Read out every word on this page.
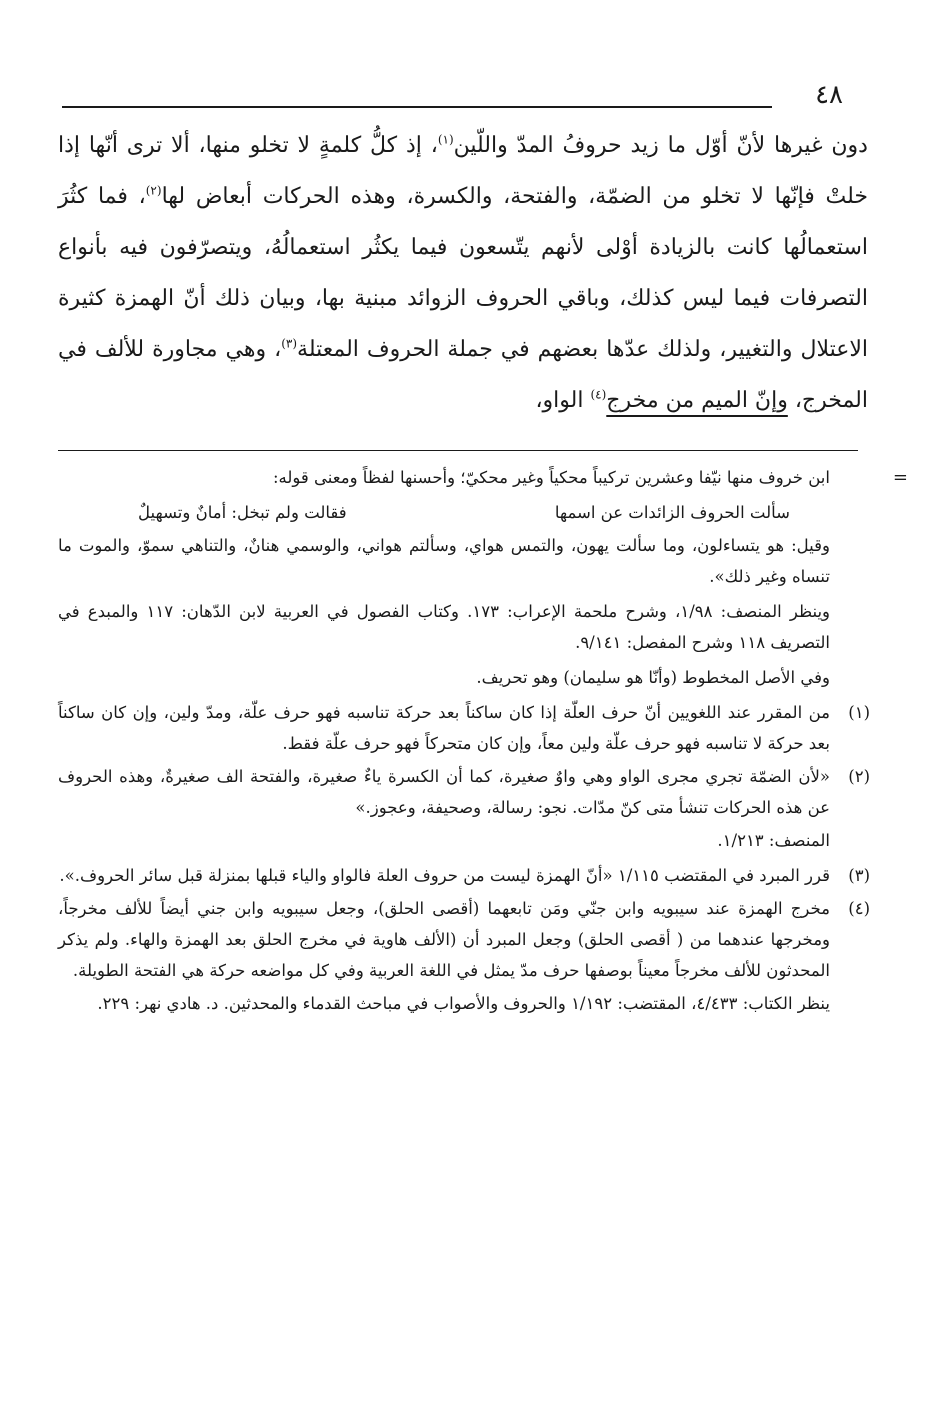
٤٨

دون غيرها لأنّ أوّل ما زيد حروفُ المدّ واللّين$^{(١)}$، إذ كلُّ كلمةٍ لا تخلو منها، ألا ترى أنّها إذا خلتْ فإنّها لا تخلو من الضمّة، والفتحة، والكسرة، وهذه الحركات أبعاض لها$^{(٢)}$، فما كثُرَ استعمالُها كانت بالزيادة أوْلى لأنهم يتّسعون فيما يكثُر استعمالُهُ، ويتصرّفون فيه بأنواع التصرفات فيما ليس كذلك، وباقي الحروف الزوائد مبنية بها، وبيان ذلك أنّ الهمزة كثيرة الاعتلال والتغيير، ولذلك عدّها بعضهم في جملة الحروف المعتلة$^{(٣)}$، وهي مجاورة للألف في المخرج، وإنّ الميم من مخرج$^{(٤)}$ الواو،

=
ابن خروف منها نيّفا وعشرين تركيباً محكياً وغير محكيّ؛ وأحسنها لفظاً ومعنى قوله:
سألت الحروف الزائدات عن اسمها
فقالت ولم تبخل: أمانٌ وتسهيلٌ

وقيل: هو يتساءلون، وما سألت يهون، والتمس هواي، وسألتم هواني، والوسمي هنانٌ، والتناهي سموّ، والموت ما تنساه وغير ذلك».

وينظر المنصف: ١/٩٨، وشرح ملحمة الإعراب: ١٧٣. وكتاب الفصول في العربية لابن الدّهان: ١١٧ والمبدع في التصريف ١١٨ وشرح المفصل: ٩/١٤١.

وفي الأصل المخطوط (وأنّا هو سليمان) وهو تحريف.

(١)
من المقرر عند اللغويين أنّ حرف العلّة إذا كان ساكناً بعد حركة تناسبه فهو حرف علّة، ومدّ ولين، وإن كان ساكناً بعد حركة لا تناسبه فهو حرف علّة ولين معاً، وإن كان متحركاً فهو حرف علّة فقط.

(٢)
«لأن الضمّة تجري مجرى الواو وهي واوٌ صغيرة، كما أن الكسرة ياءٌ صغيرة، والفتحة الف صغيرةٌ، وهذه الحروف عن هذه الحركات تنشأ متى كنّ مدّات. نجو: رسالة، وصحيفة، وعجوز.»

المنصف: ١/٢١٣.

(٣)
قرر المبرد في المقتضب ١/١١٥ «أنّ الهمزة ليست من حروف العلة فالواو والياء قبلها بمنزلة قبل سائر الحروف.».

(٤)
مخرج الهمزة عند سيبويه وابن جنّي ومَن تابعهما (أقصى الحلق)، وجعل سيبويه وابن جني أيضاً للألف مخرجاً، ومخرجها عندهما من ( أقصى الحلق) وجعل المبرد أن (الألف هاوية في مخرج الحلق بعد الهمزة والهاء. ولم يذكر المحدثون للألف مخرجاً معيناً بوصفها حرف مدّ يمثل في اللغة العربية وفي كل مواضعه حركة هي الفتحة الطويلة.

ينظر الكتاب: ٤/٤٣٣، المقتضب: ١/١٩٢ والحروف والأصواب في مباحث القدماء والمحدثين. د. هادي نهر: ٢٢٩.
